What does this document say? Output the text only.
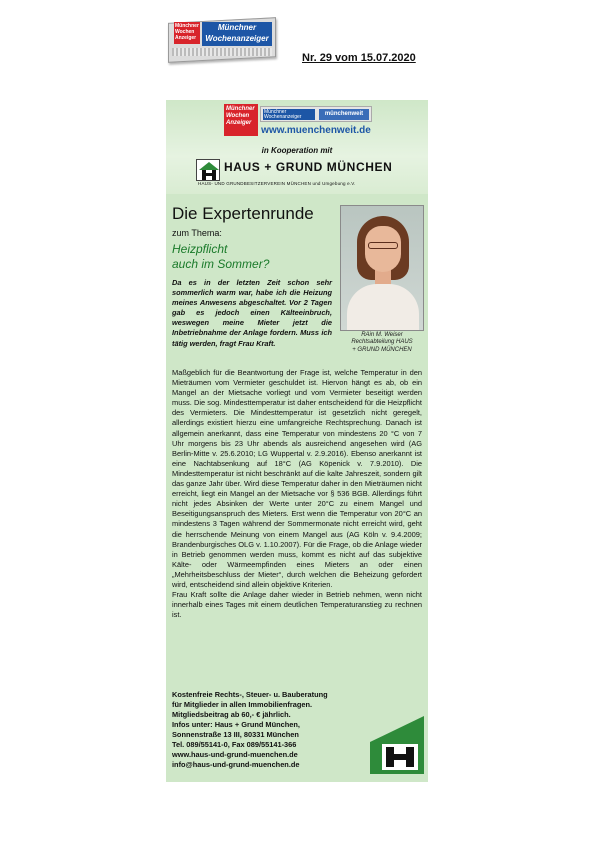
Münchner Wochen Anzeiger
Münchner
Wochenanzeiger
Nr. 29 vom 15.07.2020
Münchner Wochen Anzeiger
Münchner Wochenanzeiger	münchenweit
www.muenchenweit.de
in Kooperation mit
HAUS + GRUND MÜNCHEN
HAUS- UND GRUNDBESITZERVEREIN MÜNCHEN und Umgebung e.V.
Die Expertenrunde
zum Thema:
Heizpflicht
auch im Sommer?
Da es in der letzten Zeit schon sehr sommerlich warm war, habe ich die Heizung meines Anwesens abgeschaltet. Vor 2 Tagen gab es jedoch einen Kälteeinbruch, weswegen meine Mieter jetzt die Inbetriebnahme der Anlage fordern. Muss ich tätig werden, fragt Frau Kraft.
RAin M. Weiser
Rechtsabteilung HAUS
+ GRUND MÜNCHEN

Maßgeblich für die Beantwortung der Frage ist, welche Temperatur in den Mieträumen vom Vermieter geschuldet ist. Hiervon hängt es ab, ob ein Mangel an der Mietsache vorliegt und vom Vermieter beseitigt werden muss. Die sog. Mindesttemperatur ist daher entscheidend für die Heizpflicht des Vermieters. Die Mindesttemperatur ist gesetzlich nicht geregelt, allerdings existiert hierzu eine umfangreiche Rechtsprechung. Danach ist allgemein anerkannt, dass eine Temperatur von mindestens 20 °C von 7 Uhr morgens bis 23 Uhr abends als ausreichend angesehen wird (AG Berlin-Mitte v. 25.6.2010; LG Wuppertal v. 2.9.2016). Ebenso anerkannt ist eine Nachtabsenkung auf 18°C (AG Köpenick v. 7.9.2010). Die Mindesttemperatur ist nicht beschränkt auf die kalte Jahreszeit, sondern gilt das ganze Jahr über. Wird diese Temperatur daher in den Mieträumen nicht erreicht, liegt ein Mangel an der Mietsache vor § 536 BGB. Allerdings führt nicht jedes Absinken der Werte unter 20°C zu einem Mangel und Beseitigungsanspruch des Mieters. Erst wenn die Temperatur von 20°C an mindestens 3 Tagen während der Sommermonate nicht erreicht wird, geht die herrschende Meinung von einem Mangel aus (AG Köln v. 9.4.2009; Brandenburgisches OLG v. 1.10.2007). Für die Frage, ob die Anlage wieder in Betrieb genommen werden muss, kommt es nicht auf das subjektive Kälte- oder Wärmeempfinden eines Mieters an oder einen „Mehrheitsbeschluss der Mieter“, durch welchen die Beheizung gefordert wird, entscheidend sind allein objektive Kriterien.

Frau Kraft sollte die Anlage daher wieder in Betrieb nehmen, wenn nicht innerhalb eines Tages mit einem deutlichen Temperaturanstieg zu rechnen ist.

Kostenfreie Rechts-, Steuer- u. Bauberatung
für Mitglieder in allen Immobilienfragen.
Mitgliedsbeitrag ab 60,- € jährlich.
Infos unter: Haus + Grund München,
Sonnenstraße 13 III, 80331 München
Tel. 089/55141-0, Fax 089/55141-366
www.haus-und-grund-muenchen.de
info@haus-und-grund-muenchen.de
